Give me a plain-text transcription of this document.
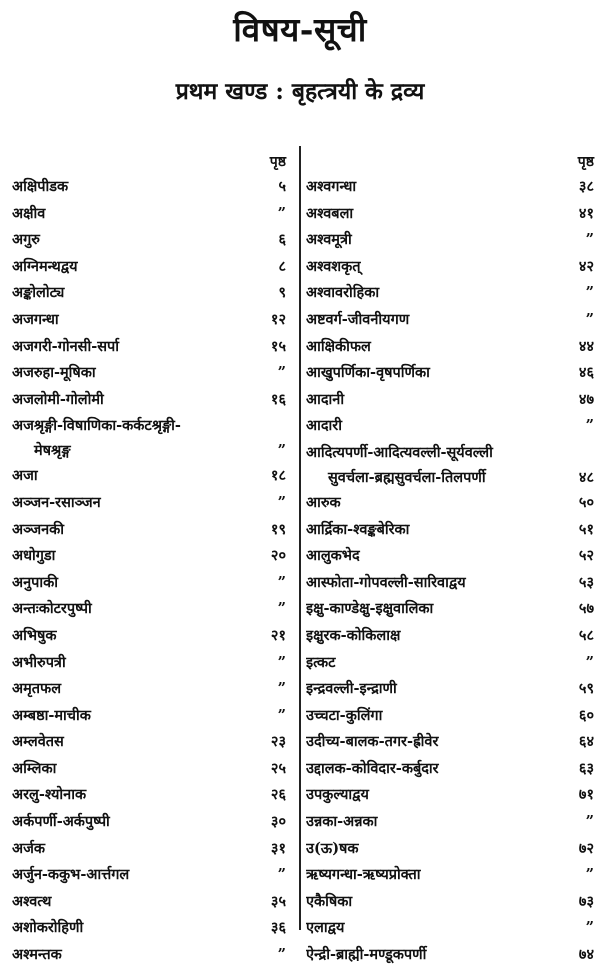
विषय-सूची
प्रथम खण्ड : बृहत्त्रयी के द्रव्य
पृष्ठ
अक्षिपीडक	५
अक्षीव	”
अगुरु	६
अग्निमन्थद्वय	८
अङ्कोलोट्य	९
अजगन्धा	१२
अजगरी-गोनसी-सर्पा	१५
अजरुहा-मूषिका	”
अजलोमी-गोलोमी	१६
अजश्रृङ्गी-विषाणिका-कर्कटश्रृङ्गी-
मेषश्रृङ्ग	”
अजा	१८
अञ्जन-रसाञ्जन	”
अञ्जनकी	१९
अधोगुडा	२०
अनुपाकी	”
अन्तःकोटरपुष्पी	”
अभिषुक	२१
अभीरुपत्री	”
अमृतफल	”
अम्बष्ठा-माचीक	”
अम्लवेतस	२३
अम्लिका	२५
अरलु-श्योनाक	२६
अर्कपर्णी-अर्कपुष्पी	३०
अर्जक	३१
अर्जुन-ककुभ-आर्त्तगल	”
अश्वत्थ	३५
अशोकरोहिणी	३६
अश्मन्तक	”
पृष्ठ
अश्वगन्धा	३८
अश्वबला	४१
अश्वमूत्री	”
अश्वशकृत्	४२
अश्वावरोहिका	”
अष्टवर्ग-जीवनीयगण	”
आक्षिकीफल	४४
आखुपर्णिका-वृषपर्णिका	४६
आदानी	४७
आदारी	”
आदित्यपर्णी-आदित्यवल्ली-सूर्यवल्ली
सुवर्चला-ब्रह्मसुवर्चला-तिलपर्णी	४८
आरुक	५०
आर्द्रिका-श्वङ्कबेरिका	५१
आलुकभेद	५२
आस्फोता-गोपवल्ली-सारिवाद्वय	५३
इक्षु-काण्डेक्षु-इक्षुवालिका	५७
इक्षुरक-कोकिलाक्ष	५८
इत्कट	”
इन्द्रवल्ली-इन्द्राणी	५९
उच्चटा-कुलिंगा	६०
उदीच्य-बालक-तगर-ह्रीवेर	६४
उद्दालक-कोविदार-कर्बुदार	६३
उपकुल्याद्वय	७१
उन्नका-अन्नका	”
उ(ऊ)षक	७२
ऋष्यगन्धा-ऋष्यप्रोक्ता	”
एकैषिका	७३
एलाद्वय	”
ऐन्द्री-ब्राह्मी-मण्डूकपर्णी	७४
